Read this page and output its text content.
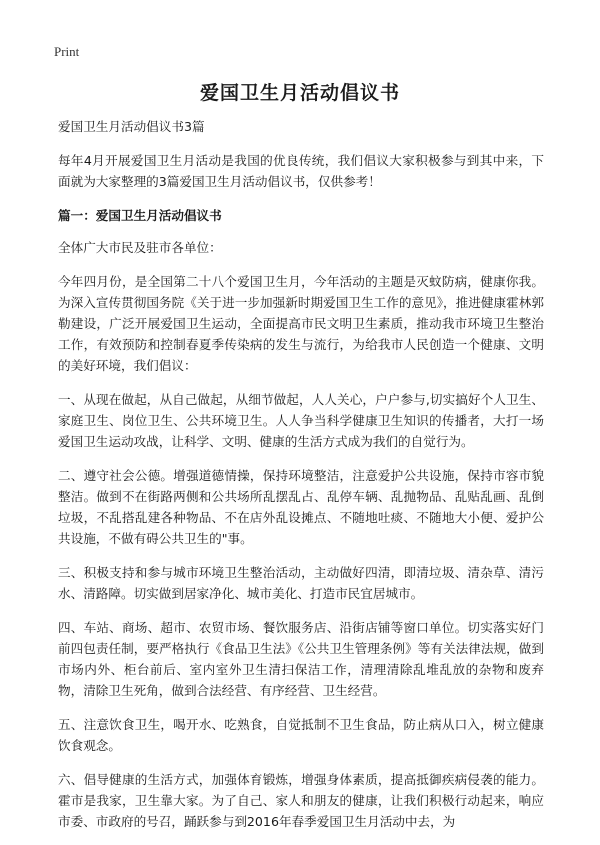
Print
爱国卫生月活动倡议书

爱国卫生月活动倡议书3篇

每年4月开展爱国卫生月活动是我国的优良传统，我们倡议大家积极参与到其中来，下面就为大家整理的3篇爱国卫生月活动倡议书，仅供参考！

篇一：爱国卫生月活动倡议书

全体广大市民及驻市各单位：

今年四月份，是全国第二十八个爱国卫生月，今年活动的主题是灭蚊防病，健康你我。为深入宣传贯彻国务院《关于进一步加强新时期爱国卫生工作的意见》，推进健康霍林郭勒建设，广泛开展爱国卫生运动，全面提高市民文明卫生素质，推动我市环境卫生整治工作，有效预防和控制春夏季传染病的发生与流行，为给我市人民创造一个健康、文明的美好环境，我们倡议：

一、从现在做起，从自己做起，从细节做起，人人关心，户户参与,切实搞好个人卫生、家庭卫生、岗位卫生、公共环境卫生。人人争当科学健康卫生知识的传播者，大打一场爱国卫生运动攻战，让科学、文明、健康的生活方式成为我们的自觉行为。

二、遵守社会公德。增强道德情操，保持环境整洁，注意爱护公共设施，保持市容市貌整洁。做到不在街路两侧和公共场所乱摆乱占、乱停车辆、乱抛物品、乱贴乱画、乱倒垃圾，不乱搭乱建各种物品、不在店外乱设摊点、不随地吐痰、不随地大小便、爱护公共设施，不做有碍公共卫生的"事。

三、积极支持和参与城市环境卫生整治活动，主动做好四清，即清垃圾、清杂草、清污水、清路障。切实做到居家净化、城市美化、打造市民宜居城市。

四、车站、商场、超市、农贸市场、餐饮服务店、沿街店铺等窗口单位。切实落实好门前四包责任制，要严格执行《食品卫生法》《公共卫生管理条例》等有关法律法规，做到市场内外、柜台前后、室内室外卫生清扫保洁工作，清理清除乱堆乱放的杂物和废弃物，清除卫生死角，做到合法经营、有序经营、卫生经营。

五、注意饮食卫生，喝开水、吃熟食，自觉抵制不卫生食品，防止病从口入，树立健康饮食观念。

六、倡导健康的生活方式，加强体育锻炼，增强身体素质，提高抵御疾病侵袭的能力。霍市是我家，卫生靠大家。为了自己、家人和朋友的健康，让我们积极行动起来，响应市委、市政府的号召，踊跃参与到2016年春季爱国卫生月活动中去，为
